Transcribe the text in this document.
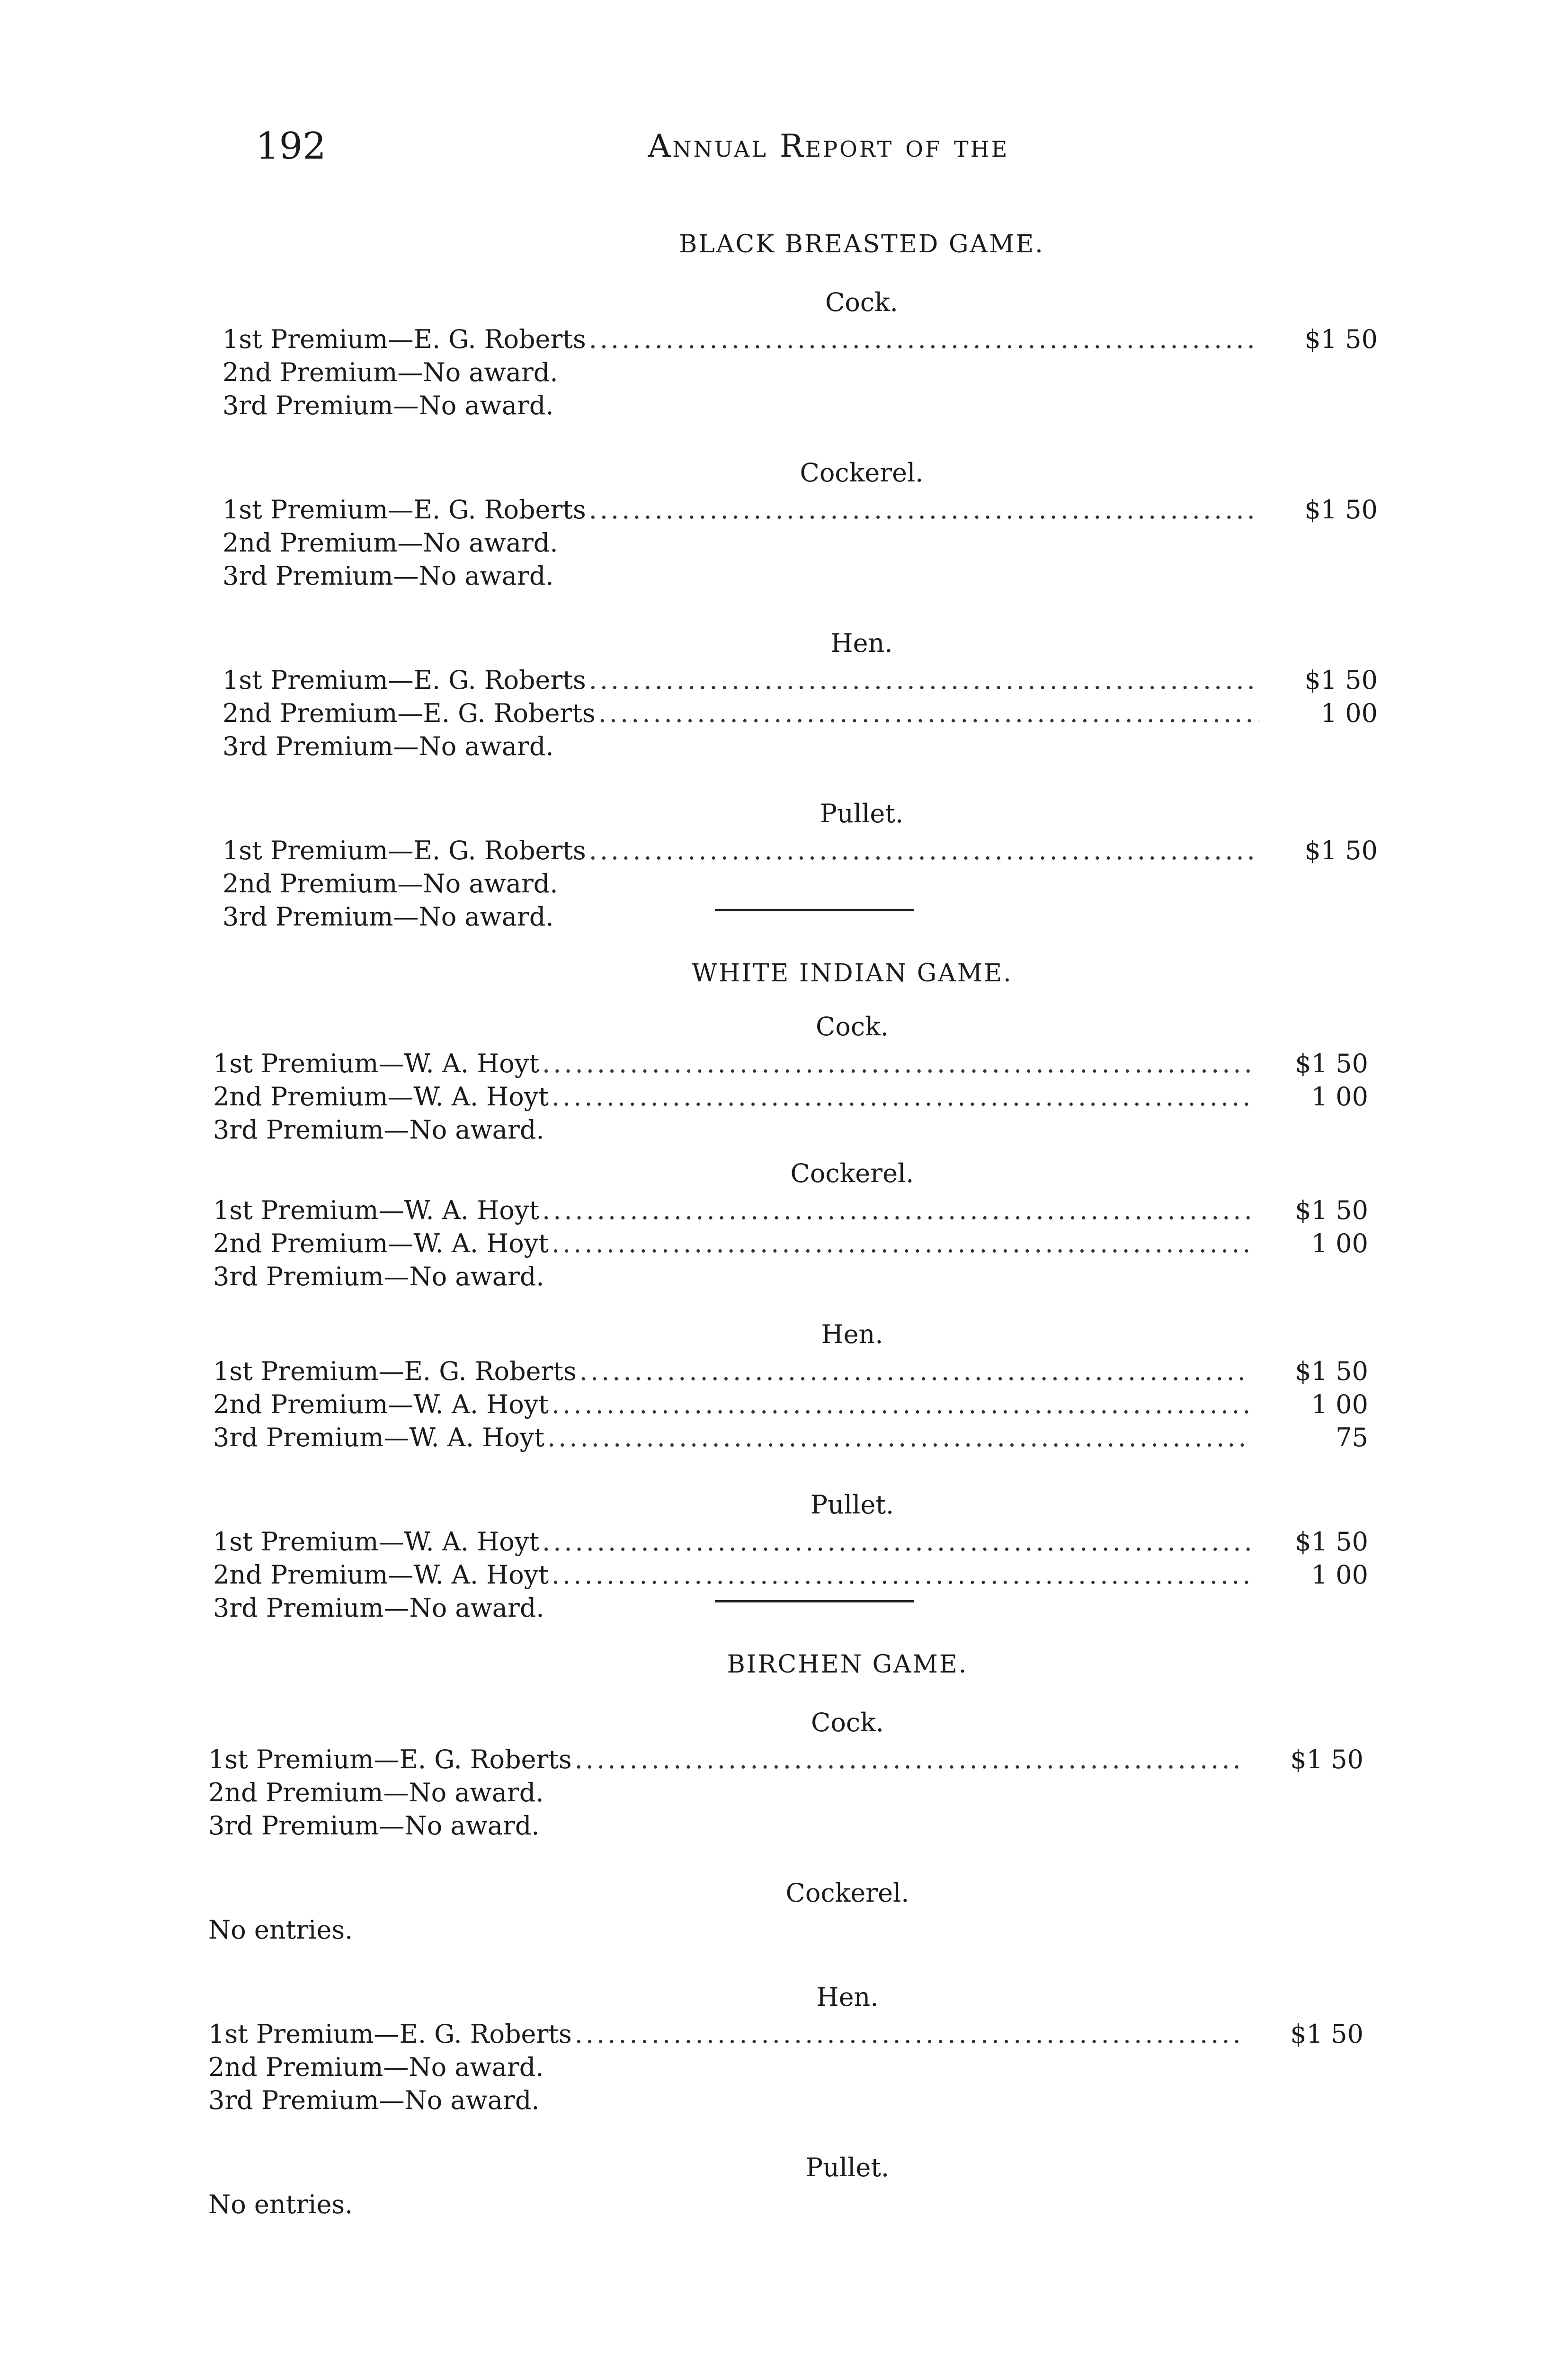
192	Annual Report of the
BLACK BREASTED GAME.
Cock.
1st Premium—E. G. Roberts .....	$1 50
2nd Premium—No award.
3rd Premium—No award.
Cockerel.
1st Premium—E. G. Roberts .....	$1 50
2nd Premium—No award.
3rd Premium—No award.
Hen.
1st Premium—E. G. Roberts .....	$1 50
2nd Premium—E. G. Roberts .....	1 00
3rd Premium—No award.
Pullet.
1st Premium—E. G. Roberts .....	$1 50
2nd Premium—No award.
3rd Premium—No award.
WHITE INDIAN GAME.
Cock.
1st Premium—W. A. Hoyt .....	$1 50
2nd Premium—W. A. Hoyt .....	1 00
3rd Premium—No award.
Cockerel.
1st Premium—W. A. Hoyt .....	$1 50
2nd Premium—W. A. Hoyt .....	1 00
3rd Premium—No award.
Hen.
1st Premium—E. G. Roberts .....	$1 50
2nd Premium—W. A. Hoyt .....	1 00
3rd Premium—W. A. Hoyt .....	75
Pullet.
1st Premium—W. A. Hoyt .....	$1 50
2nd Premium—W. A. Hoyt .....	1 00
3rd Premium—No award.
BIRCHEN GAME.
Cock.
1st Premium—E. G. Roberts .....	$1 50
2nd Premium—No award.
3rd Premium—No award.
Cockerel.
No entries.
Hen.
1st Premium—E. G. Roberts .....	$1 50
2nd Premium—No award.
3rd Premium—No award.
Pullet.
No entries.
